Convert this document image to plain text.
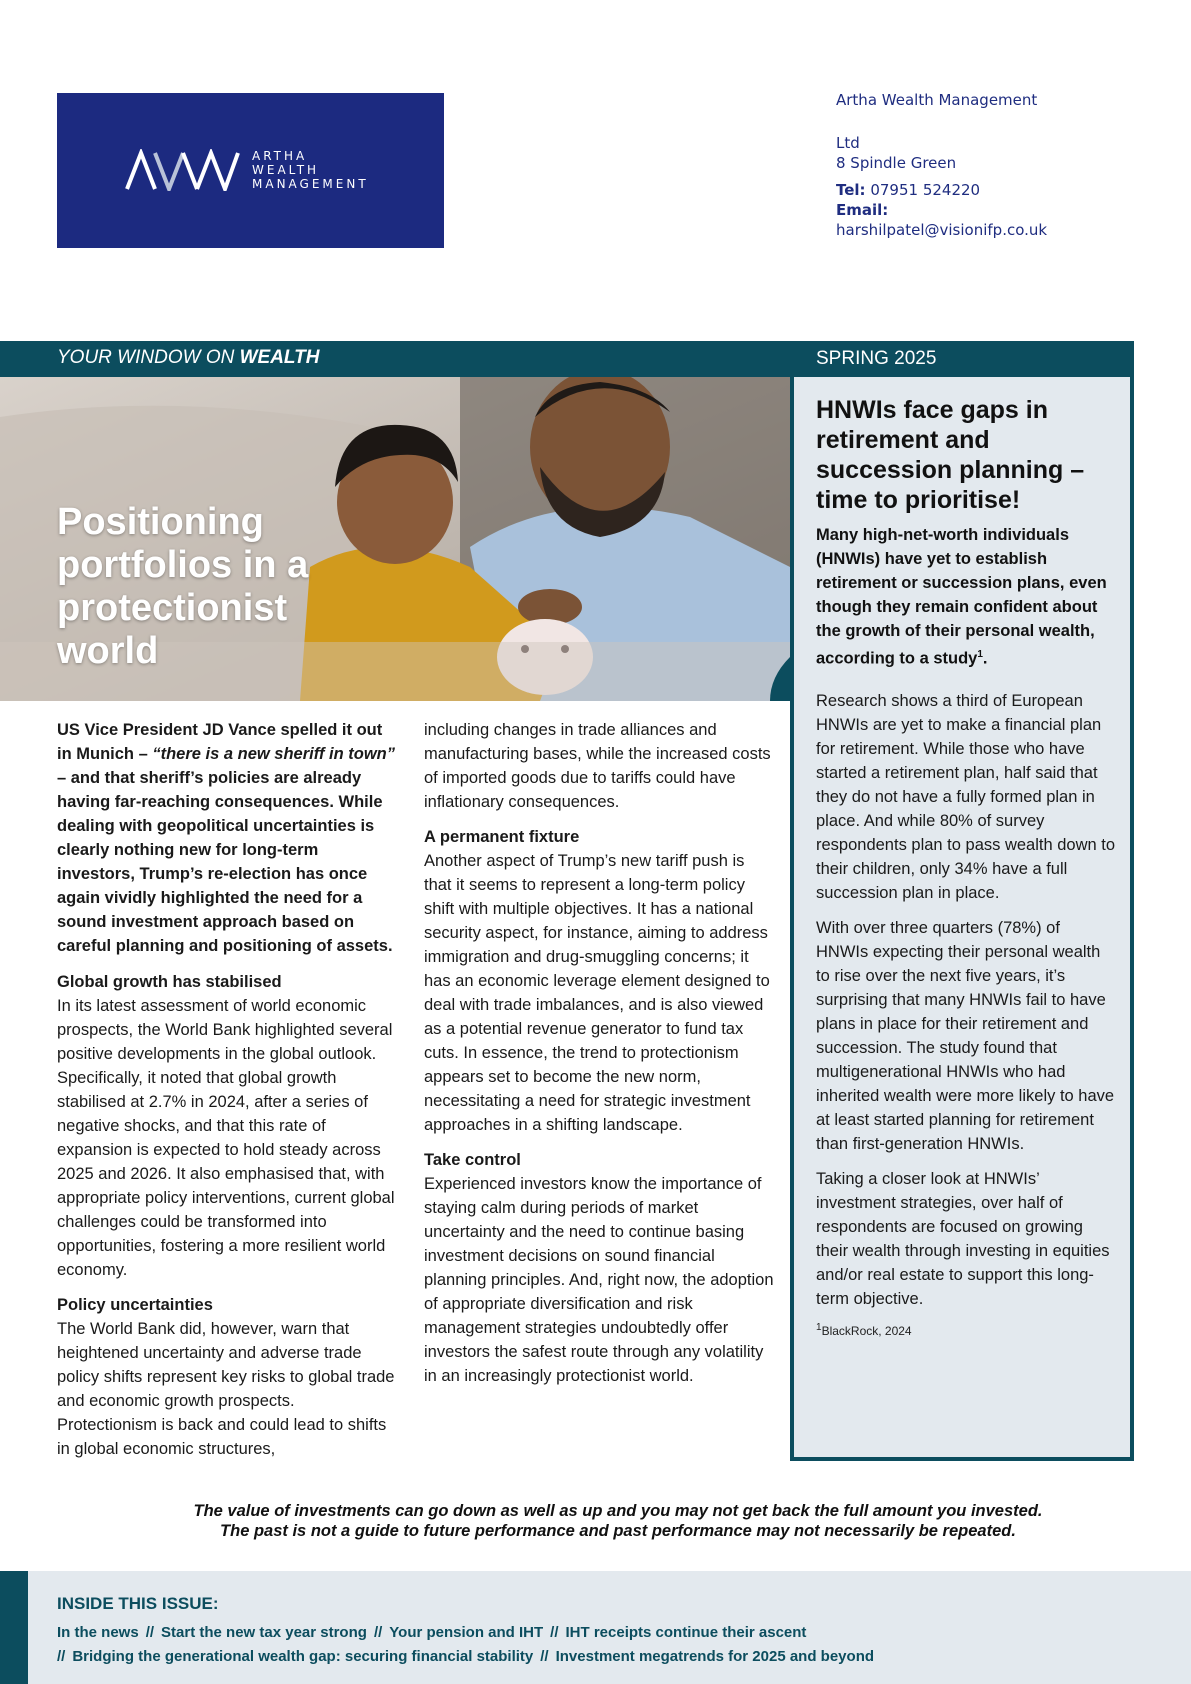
ARTHA
WEALTH
MANAGEMENT
Artha Wealth Management
Ltd
8 Spindle Green
Tel: 07951 524220
Email:
harshilpatel@visionifp.co.uk
YOUR WINDOW ON WEALTH	SPRING 2025
Positioning portfolios in a protectionist world
HNWIs face gaps in retirement and succession planning – time to prioritise!
Many high-net-worth individuals (HNWIs) have yet to establish retirement or succession plans, even though they remain confident about the growth of their personal wealth, according to a study$^1$.

Research shows a third of European HNWIs are yet to make a financial plan for retirement. While those who have started a retirement plan, half said that they do not have a fully formed plan in place. And while 80% of survey respondents plan to pass wealth down to their children, only 34% have a full succession plan in place.

With over three quarters (78%) of HNWIs expecting their personal wealth to rise over the next five years, it’s surprising that many HNWIs fail to have plans in place for their retirement and succession. The study found that multigenerational HNWIs who had inherited wealth were more likely to have at least started planning for retirement than first-generation HNWIs.

Taking a closer look at HNWIs’ investment strategies, over half of respondents are focused on growing their wealth through investing in equities and/or real estate to support this long-term objective.

$^1$BlackRock, 2024

US Vice President JD Vance spelled it out in Munich – “there is a new sheriff in town” – and that sheriff’s policies are already having far-reaching consequences. While dealing with geopolitical uncertainties is clearly nothing new for long-term investors, Trump’s re-election has once again vividly highlighted the need for a sound investment approach based on careful planning and positioning of assets.

Global growth has stabilised

In its latest assessment of world economic prospects, the World Bank highlighted several positive developments in the global outlook. Specifically, it noted that global growth stabilised at 2.7% in 2024, after a series of negative shocks, and that this rate of expansion is expected to hold steady across 2025 and 2026. It also emphasised that, with appropriate policy interventions, current global challenges could be transformed into opportunities, fostering a more resilient world economy.

Policy uncertainties

The World Bank did, however, warn that heightened uncertainty and adverse trade policy shifts represent key risks to global trade and economic growth prospects. Protectionism is back and could lead to shifts in global economic structures,

including changes in trade alliances and manufacturing bases, while the increased costs of imported goods due to tariffs could have inflationary consequences.

A permanent fixture

Another aspect of Trump’s new tariff push is that it seems to represent a long-term policy shift with multiple objectives. It has a national security aspect, for instance, aiming to address immigration and drug-smuggling concerns; it has an economic leverage element designed to deal with trade imbalances, and is also viewed as a potential revenue generator to fund tax cuts. In essence, the trend to protectionism appears set to become the new norm, necessitating a need for strategic investment approaches in a shifting landscape.

Take control

Experienced investors know the importance of staying calm during periods of market uncertainty and the need to continue basing investment decisions on sound financial planning principles. And, right now, the adoption of appropriate diversification and risk management strategies undoubtedly offer investors the safest route through any volatility in an increasingly protectionist world.

The value of investments can go down as well as up and you may not get back the full amount you invested.
The past is not a guide to future performance and past performance may not necessarily be repeated.
INSIDE THIS ISSUE:
In the news // Start the new tax year strong // Your pension and IHT // IHT receipts continue their ascent
// Bridging the generational wealth gap: securing financial stability // Investment megatrends for 2025 and beyond
